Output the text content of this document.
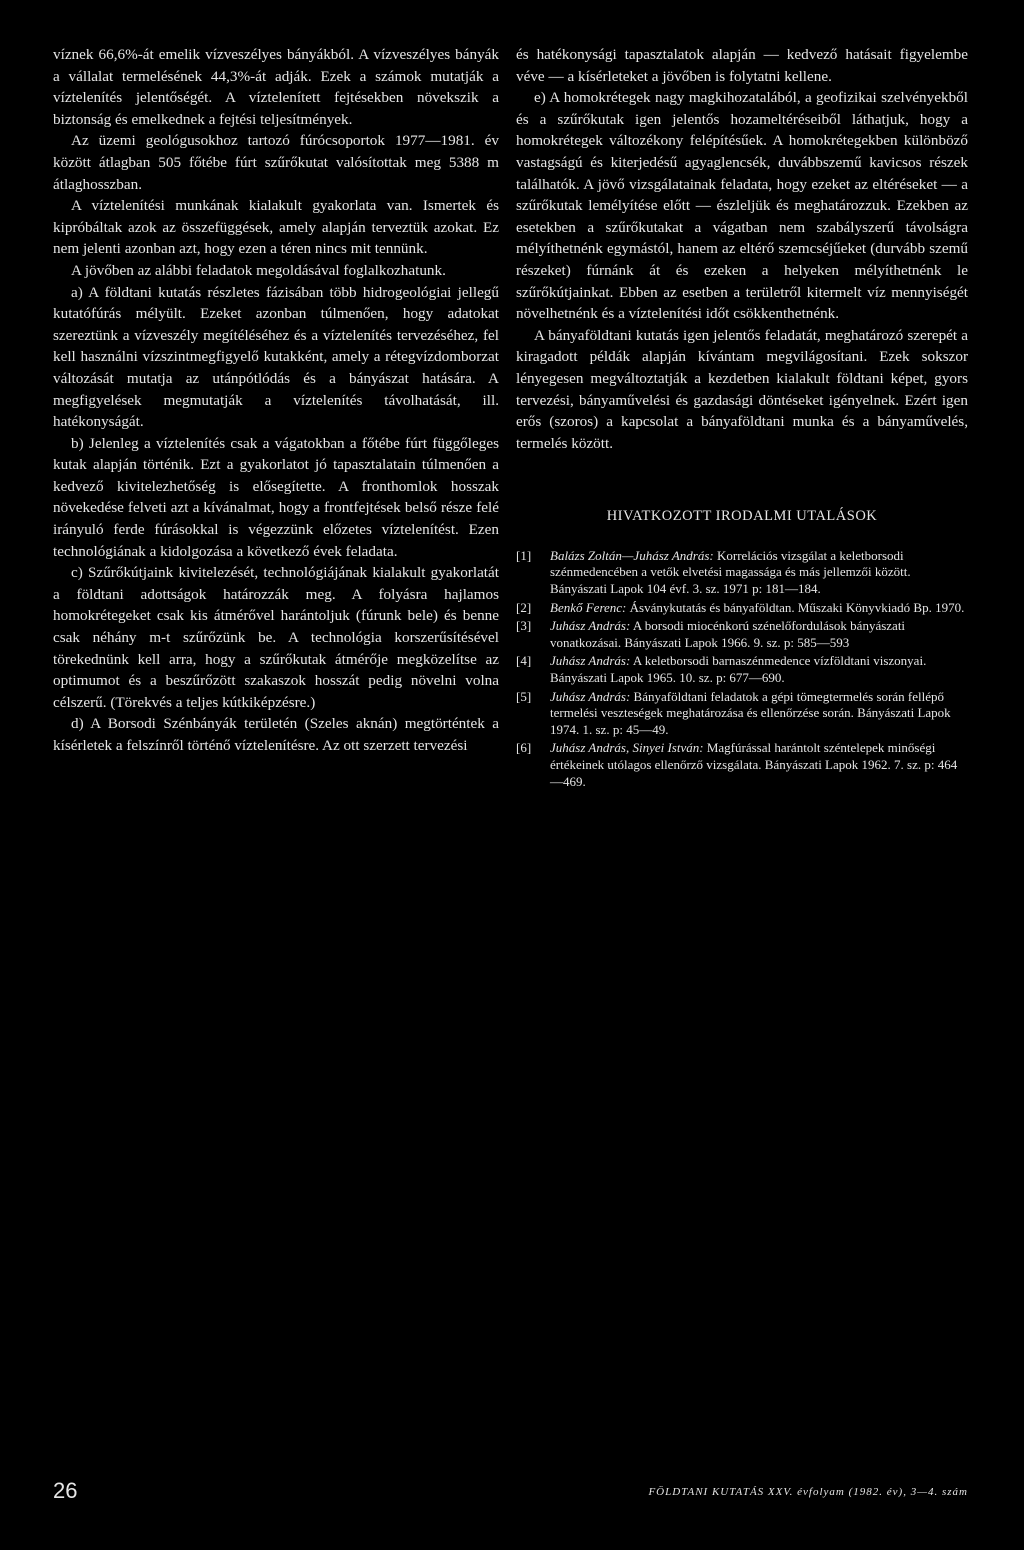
víznek 66,6%-át emelik vízveszélyes bányákból. A vízveszélyes bányák a vállalat termelésének 44,3%-át adják. Ezek a számok mutatják a víztelenítés jelentőségét. A víztelenített fejtésekben növekszik a biztonság és emelkednek a fejtési teljesítmények.

Az üzemi geológusokhoz tartozó fúrócsoportok 1977—1981. év között átlagban 505 főtébe fúrt szűrőkutat valósítottak meg 5388 m átlaghosszban.

A víztelenítési munkának kialakult gyakorlata van. Ismertek és kipróbáltak azok az összefüggések, amely alapján terveztük azokat. Ez nem jelenti azonban azt, hogy ezen a téren nincs mit tennünk.

A jövőben az alábbi feladatok megoldásával foglalkozhatunk.

a) A földtani kutatás részletes fázisában több hidrogeológiai jellegű kutatófúrás mélyült. Ezeket azonban túlmenően, hogy adatokat szereztünk a vízveszély megítéléséhez és a víztelenítés tervezéséhez, fel kell használni vízszintmegfigyelő kutakként, amely a rétegvízdomborzat változását mutatja az utánpótlódás és a bányászat hatására. A megfigyelések megmutatják a víztelenítés távolhatását, ill. hatékonyságát.

b) Jelenleg a víztelenítés csak a vágatokban a főtébe fúrt függőleges kutak alapján történik. Ezt a gyakorlatot jó tapasztalatain túlmenően a kedvező kivitelezhetőség is elősegítette. A fronthomlok hosszak növekedése felveti azt a kívánalmat, hogy a frontfejtések belső része felé irányuló ferde fúrásokkal is végezzünk előzetes víztelenítést. Ezen technológiának a kidolgozása a következő évek feladata.

c) Szűrőkútjaink kivitelezését, technológiájának kialakult gyakorlatát a földtani adottságok határozzák meg. A folyásra hajlamos homokrétegeket csak kis átmérővel harántoljuk (fúrunk bele) és benne csak néhány m-t szűrőzünk be. A technológia korszerűsítésével törekednünk kell arra, hogy a szűrőkutak átmérője megközelítse az optimumot és a beszűrőzött szakaszok hosszát pedig növelni volna célszerű. (Törekvés a teljes kútkiképzésre.)

d) A Borsodi Szénbányák területén (Szeles aknán) megtörténtek a kísérletek a felszínről történő víztelenítésre. Az ott szerzett tervezési

és hatékonysági tapasztalatok alapján — kedvező hatásait figyelembe véve — a kísérleteket a jövőben is folytatni kellene.

e) A homokrétegek nagy magkihozatalából, a geofizikai szelvényekből és a szűrőkutak igen jelentős hozameltéréseiből láthatjuk, hogy a homokrétegek változékony felépítésűek. A homokrétegekben különböző vastagságú és kiterjedésű agyaglencsék, duvábbszemű kavicsos részek találhatók. A jövő vizsgálatainak feladata, hogy ezeket az eltéréseket — a szűrőkutak lemélyítése előtt — észleljük és meghatározzuk. Ezekben az esetekben a szűrőkutakat a vágatban nem szabályszerű távolságra mélyíthetnénk egymástól, hanem az eltérő szemcséjűeket (durvább szemű részeket) fúrnánk át és ezeken a helyeken mélyíthetnénk le szűrőkútjainkat. Ebben az esetben a területről kitermelt víz mennyiségét növelhetnénk és a víztelenítési időt csökkenthetnénk.

A bányaföldtani kutatás igen jelentős feladatát, meghatározó szerepét a kiragadott példák alapján kívántam megvilágosítani. Ezek sokszor lényegesen megváltoztatják a kezdetben kialakult földtani képet, gyors tervezési, bányaművelési és gazdasági döntéseket igényelnek. Ezért igen erős (szoros) a kapcsolat a bányaföldtani munka és a bányaművelés, termelés között.

HIVATKOZOTT IRODALMI UTALÁSOK
[1]	Balázs Zoltán—Juhász András: Korrelációs vizsgálat a keletborsodi szénmedencében a vetők elvetési magassága és más jellemzői között. Bányászati Lapok 104 évf. 3. sz. 1971 p: 181—184.
[2]	Benkő Ferenc: Ásványkutatás és bányaföldtan. Műszaki Könyvkiadó Bp. 1970.
[3]	Juhász András: A borsodi miocénkorú szénelőfordulások bányászati vonatkozásai. Bányászati Lapok 1966. 9. sz. p: 585—593
[4]	Juhász András: A keletborsodi barnaszénmedence vízföldtani viszonyai. Bányászati Lapok 1965. 10. sz. p: 677—690.
[5]	Juhász András: Bányaföldtani feladatok a gépi tömegtermelés során fellépő termelési veszteségek meghatározása és ellenőrzése során. Bányászati Lapok 1974. 1. sz. p: 45—49.
[6]	Juhász András, Sinyei István: Magfúrással harántolt széntelepek minőségi értékeinek utólagos ellenőrző vizsgálata. Bányászati Lapok 1962. 7. sz. p: 464—469.
26	FÖLDTANI KUTATÁS XXV. évfolyam (1982. év), 3—4. szám
